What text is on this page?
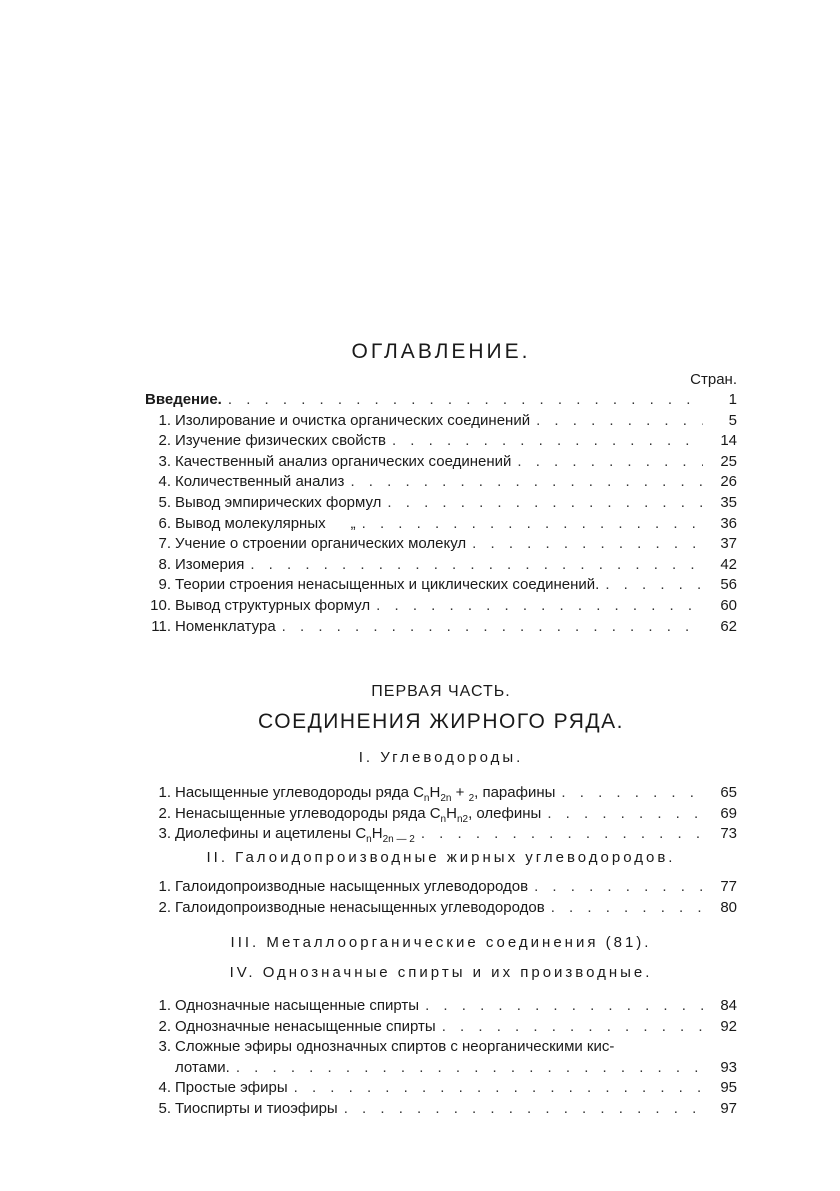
ОГЛАВЛЕНИЕ.
Стран.
Введение. . . .	1
1. Изолирование и очистка органических соединений . . .	5
2. Изучение физических свойств . . .	14
3. Качественный анализ органических соединений . . .	25
4. Количественный анализ . . .	26
5. Вывод эмпирических формул . . .	35
6. Вывод молекулярных      „ . . .	36
7. Учение о строении органических молекул . . .	37
8. Изомерия . . .	42
9. Теории строения ненасыщенных и циклических соединений. . . .	56
10. Вывод структурных формул . . .	60
11. Номенклатура . . .	62
ПЕРВАЯ ЧАСТЬ.
СОЕДИНЕНИЯ ЖИРНОГО РЯДА.
I. Углеводороды.
1. Насыщенные углеводороды ряда $C_nH_{2n} + _2$, парафины . . .	65
2. Ненасыщенные углеводороды ряда $C_nH_{n2}$, олефины . . .	69
3. Диолефины и ацетилены $C_nH_{2n — 2}$ . . .	73
II. Галоидопроизводные жирных углеводородов.
1. Галоидопроизводные насыщенных углеводородов . . .	77
2. Галоидопроизводные ненасыщенных углеводородов . . .	80
III. Металлоорганические соединения (81).
IV. Однозначные спирты и их производные.
1. Однозначные насыщенные спирты . . .	84
2. Однозначные ненасыщенные спирты . . .	92
3. Сложные эфиры однозначных спиртов с неорганическими кис-
лотами. . . .	93
4. Простые эфиры . . .	95
5. Тиоспирты и тиоэфиры . . .	97
